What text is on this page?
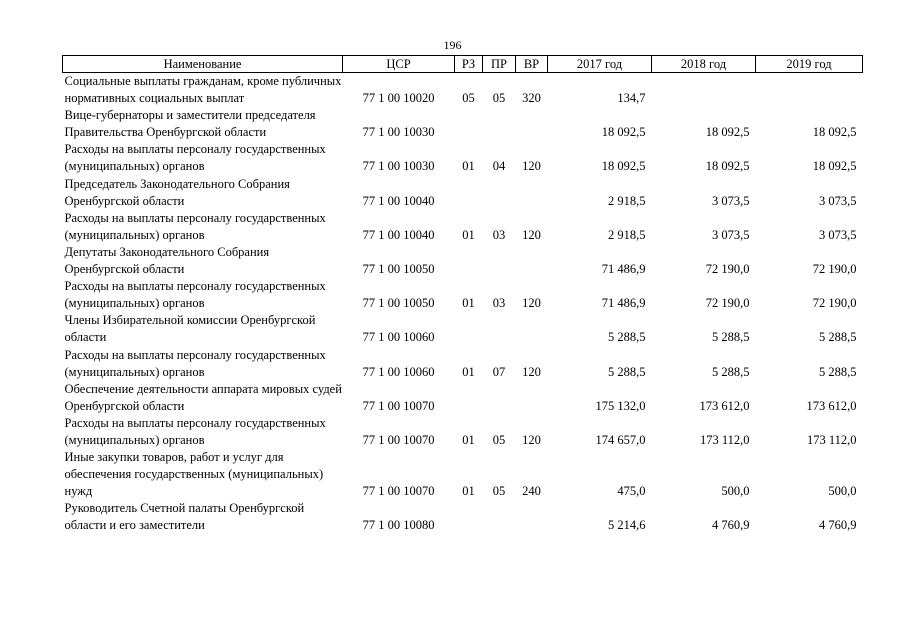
196
Наименование	ЦСР	РЗ	ПР	ВР	2017 год	2018 год	2019 год
Социальные выплаты гражданам, кроме публичных нормативных социальных выплат	77 1 00 10020	05	05	320	134,7		
Вице-губернаторы и заместители председателя Правительства Оренбургской области	77 1 00 10030				18 092,5	18 092,5	18 092,5
Расходы на выплаты персоналу государственных (муниципальных) органов	77 1 00 10030	01	04	120	18 092,5	18 092,5	18 092,5
Председатель Законодательного Собрания Оренбургской области	77 1 00 10040				2 918,5	3 073,5	3 073,5
Расходы на выплаты персоналу государственных (муниципальных) органов	77 1 00 10040	01	03	120	2 918,5	3 073,5	3 073,5
Депутаты Законодательного Собрания Оренбургской области	77 1 00 10050				71 486,9	72 190,0	72 190,0
Расходы на выплаты персоналу государственных (муниципальных) органов	77 1 00 10050	01	03	120	71 486,9	72 190,0	72 190,0
Члены Избирательной комиссии Оренбургской области	77 1 00 10060				5 288,5	5 288,5	5 288,5
Расходы на выплаты персоналу государственных (муниципальных) органов	77 1 00 10060	01	07	120	5 288,5	5 288,5	5 288,5
Обеспечение деятельности аппарата мировых судей Оренбургской области	77 1 00 10070				175 132,0	173 612,0	173 612,0
Расходы на выплаты персоналу государственных (муниципальных) органов	77 1 00 10070	01	05	120	174 657,0	173 112,0	173 112,0
Иные закупки товаров, работ и услуг для обеспечения государственных (муниципальных) нужд	77 1 00 10070	01	05	240	475,0	500,0	500,0
Руководитель Счетной палаты Оренбургской области и его заместители	77 1 00 10080				5 214,6	4 760,9	4 760,9
